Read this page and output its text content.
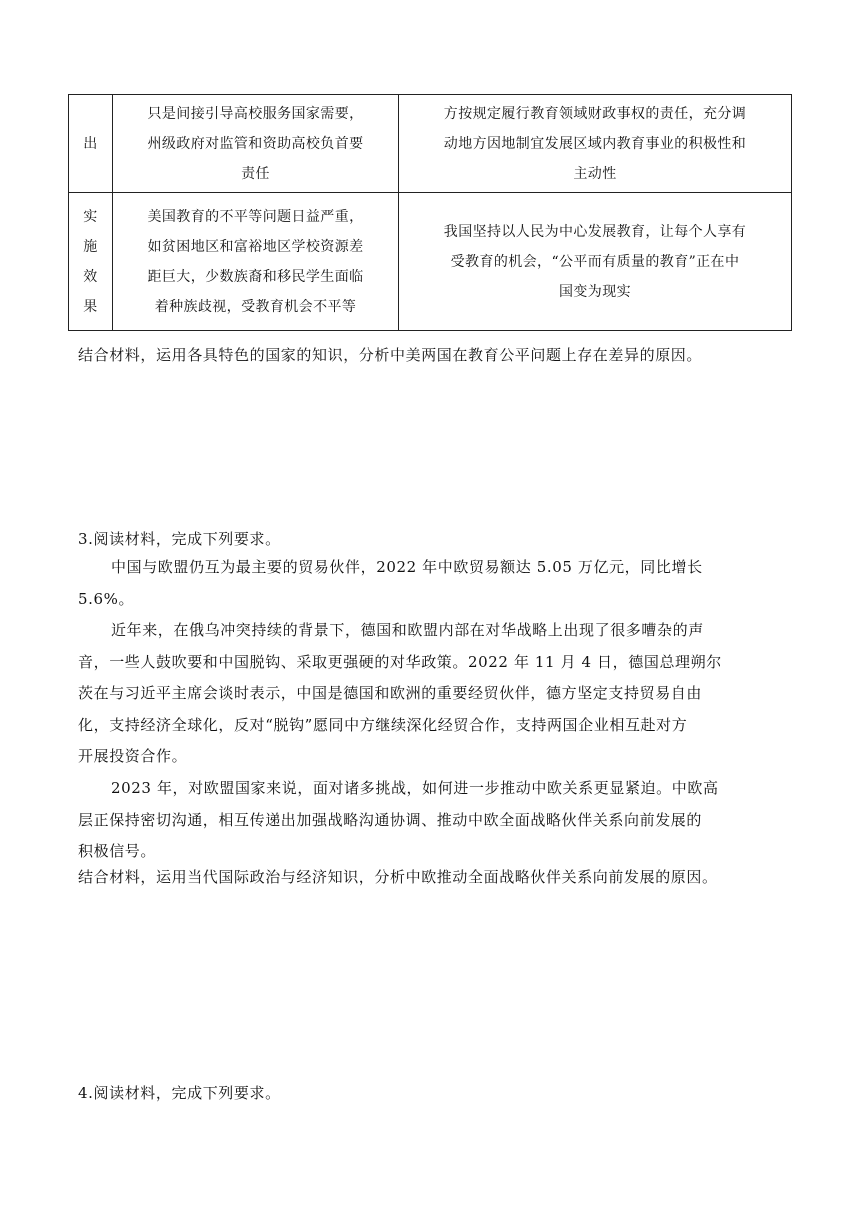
出	只是间接引导高校服务国家需要，
州级政府对监管和资助高校负首要
责任	方按规定履行教育领域财政事权的责任，充分调
动地方因地制宜发展区域内教育事业的积极性和
主动性

实
施
效
果	美国教育的不平等问题日益严重，
如贫困地区和富裕地区学校资源差
距巨大，少数族裔和移民学生面临
着种族歧视，受教育机会不平等	我国坚持以人民为中心发展教育，让每个人享有
受教育的机会，“公平而有质量的教育”正在中
国变为现实
结合材料，运用各具特色的国家的知识，分析中美两国在教育公平问题上存在差异的原因。
3.阅读材料，完成下列要求。
中国与欧盟仍互为最主要的贸易伙伴，2022 年中欧贸易额达 5.05 万亿元，同比增长
5.6%。
近年来，在俄乌冲突持续的背景下，德国和欧盟内部在对华战略上出现了很多嘈杂的声
音，一些人鼓吹要和中国脱钩、采取更强硬的对华政策。2022 年 11 月 4 日，德国总理朔尔
茨在与习近平主席会谈时表示，中国是德国和欧洲的重要经贸伙伴，德方坚定支持贸易自由
化，支持经济全球化，反对“脱钩”愿同中方继续深化经贸合作，支持两国企业相互赴对方
开展投资合作。
2023 年，对欧盟国家来说，面对诸多挑战，如何进一步推动中欧关系更显紧迫。中欧高
层正保持密切沟通，相互传递出加强战略沟通协调、推动中欧全面战略伙伴关系向前发展的
积极信号。
结合材料，运用当代国际政治与经济知识，分析中欧推动全面战略伙伴关系向前发展的原因。
4.阅读材料，完成下列要求。
